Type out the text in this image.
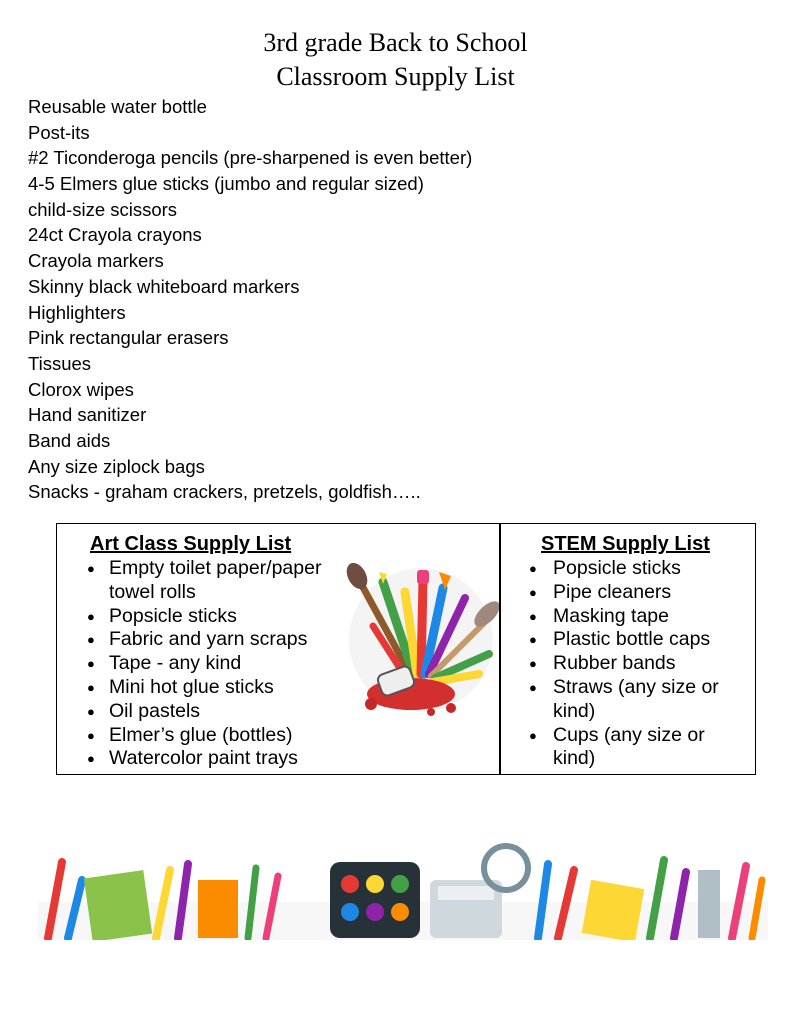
3rd grade Back to School
Classroom Supply List
Reusable water bottle
Post-its
#2 Ticonderoga pencils (pre-sharpened is even better)
4-5 Elmers glue sticks (jumbo and regular sized)
child-size scissors
24ct Crayola crayons
Crayola markers
Skinny black whiteboard markers
Highlighters
Pink rectangular erasers
Tissues
Clorox wipes
Hand sanitizer
Band aids
Any size ziplock bags
Snacks - graham crackers, pretzels, goldfish…..
Art Class Supply List
● Empty toilet paper/paper towel rolls
● Popsicle sticks
● Fabric and yarn scraps
● Tape - any kind
● Mini hot glue sticks
● Oil pastels
● Elmer’s glue (bottles)
● Watercolor paint trays
STEM Supply List
● Popsicle sticks
● Pipe cleaners
● Masking tape
● Plastic bottle caps
● Rubber bands
● Straws (any size or kind)
● Cups (any size or kind)
